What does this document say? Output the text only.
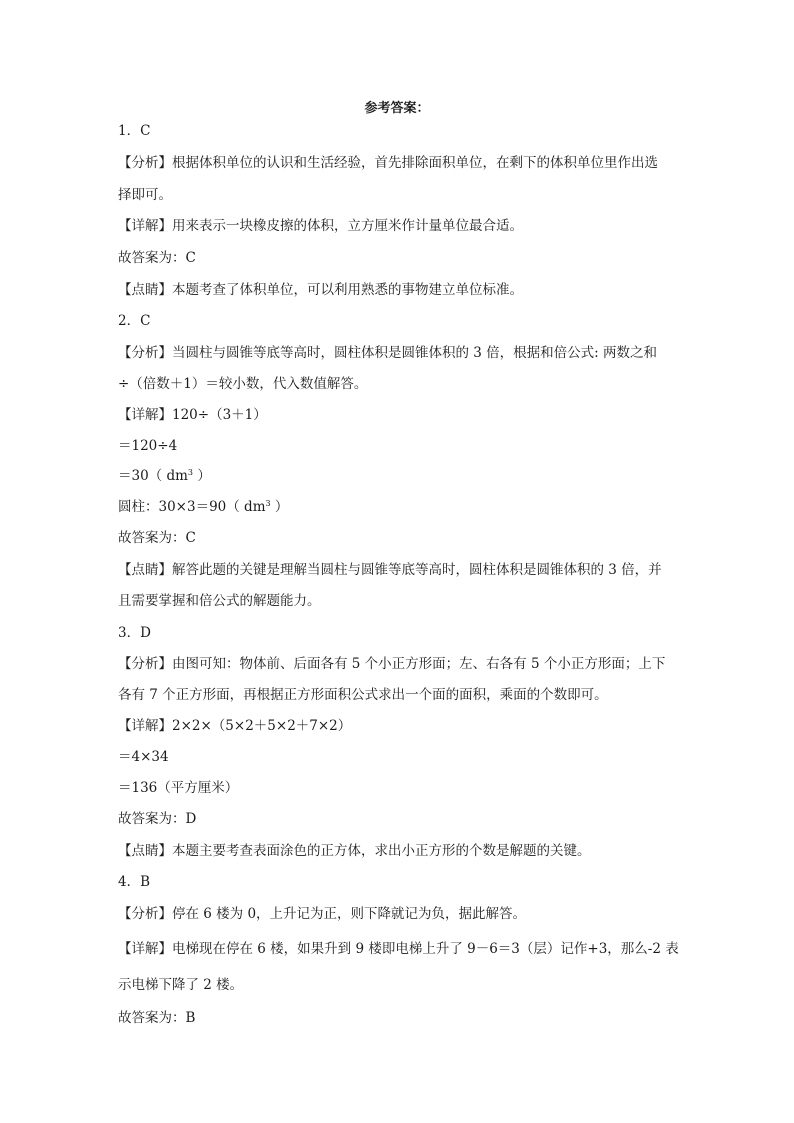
参考答案：
1．C
【分析】根据体积单位的认识和生活经验，首先排除面积单位，在剩下的体积单位里作出选
择即可。
【详解】用来表示一块橡皮擦的体积，立方厘米作计量单位最合适。
故答案为：C
【点睛】本题考查了体积单位，可以利用熟悉的事物建立单位标准。
2．C
【分析】当圆柱与圆锥等底等高时，圆柱体积是圆锥体积的 3 倍，根据和倍公式: 两数之和
÷（倍数＋1）＝较小数，代入数值解答。
【详解】120÷（3＋1）
＝120÷4
＝30（ $dm^3$ ）
圆柱：30×3＝90（ $dm^3$ ）
故答案为：C
【点睛】解答此题的关键是理解当圆柱与圆锥等底等高时，圆柱体积是圆锥体积的 3 倍，并
且需要掌握和倍公式的解题能力。
3．D
【分析】由图可知：物体前、后面各有 5 个小正方形面；左、右各有 5 个小正方形面；上下
各有 7 个正方形面，再根据正方形面积公式求出一个面的面积，乘面的个数即可。
【详解】2×2×（5×2＋5×2＋7×2）
＝4×34
＝136（平方厘米）
故答案为：D
【点睛】本题主要考查表面涂色的正方体，求出小正方形的个数是解题的关键。
4．B
【分析】停在 6 楼为 0，上升记为正，则下降就记为负，据此解答。
【详解】电梯现在停在 6 楼，如果升到 9 楼即电梯上升了 9－6＝3（层）记作+3，那么-2 表
示电梯下降了 2 楼。
故答案为：B
